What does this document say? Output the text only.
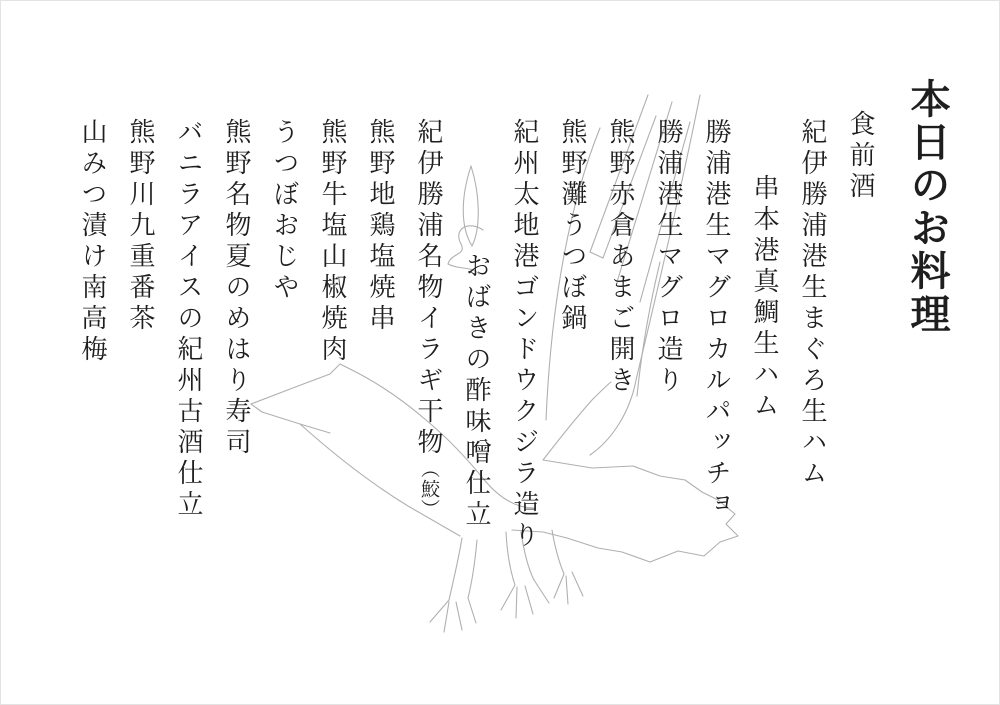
本日のお料理
食前酒
紀伊勝浦港生まぐろ生ハム
串本港真鯛生ハム
勝浦港生マグロカルパッチョ
勝浦港生マグロ造り
熊野赤倉あまご開き
熊野灘うつぼ鍋
紀州太地港ゴンドウクジラ造り
おばきの酢味噌仕立
紀伊勝浦名物イラギ干物（鮫）
熊野地鶏塩焼串
熊野牛塩山椒焼肉
うつぼおじや
熊野名物夏のめはり寿司
バニラアイスの紀州古酒仕立
熊野川九重番茶
山みつ漬け南高梅
